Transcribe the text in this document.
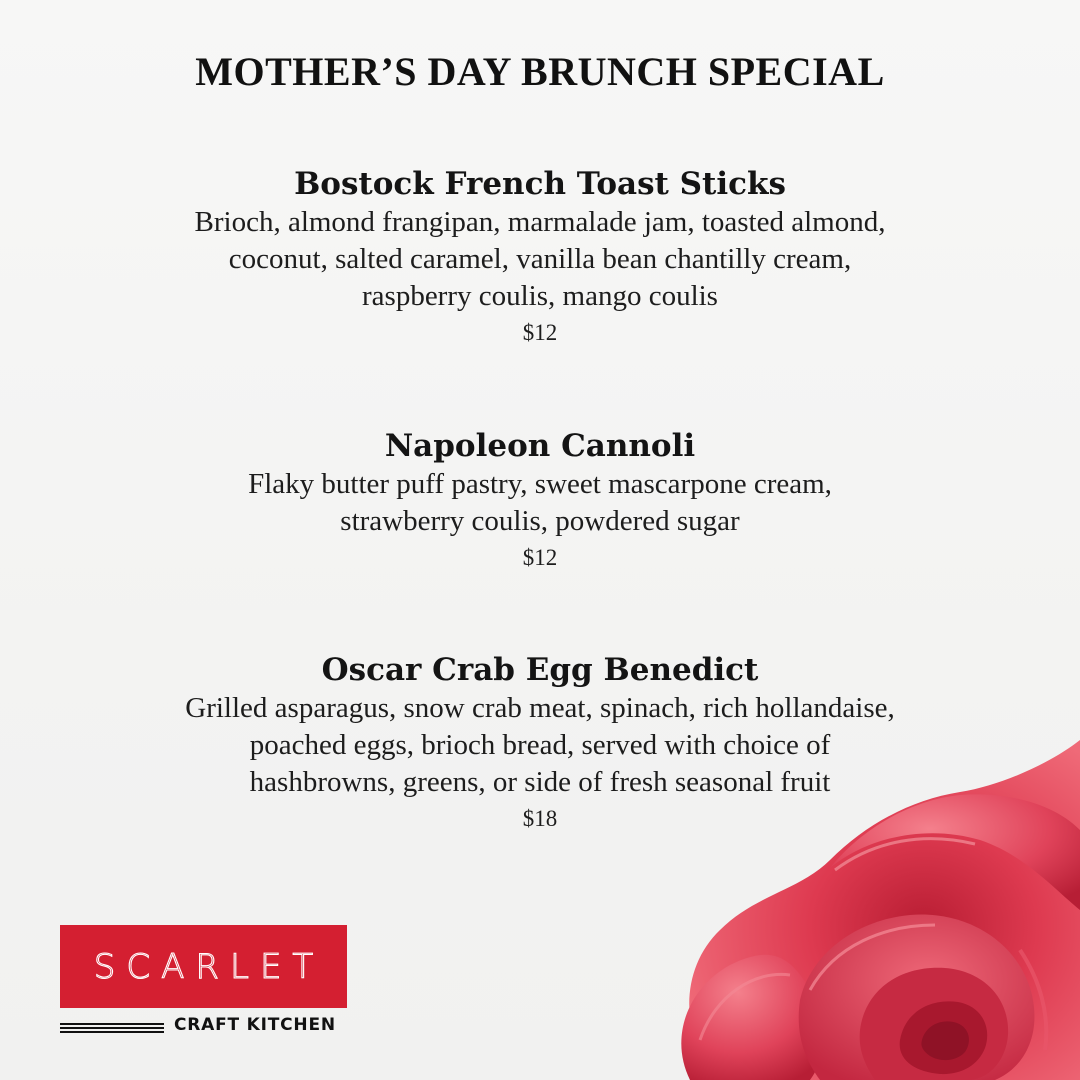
MOTHER’S DAY BRUNCH SPECIAL
Bostock French Toast Sticks
Brioch, almond frangipan, marmalade jam, toasted almond,
coconut, salted caramel, vanilla bean chantilly cream,
raspberry coulis, mango coulis
$12
Napoleon Cannoli
Flaky butter puff pastry, sweet mascarpone cream,
strawberry coulis, powdered sugar
$12
Oscar Crab Egg Benedict
Grilled asparagus, snow crab meat, spinach, rich hollandaise,
poached eggs, brioch bread, served with choice of
hashbrowns, greens, or side of fresh seasonal fruit
$18
SCARLET
CRAFT KITCHEN
